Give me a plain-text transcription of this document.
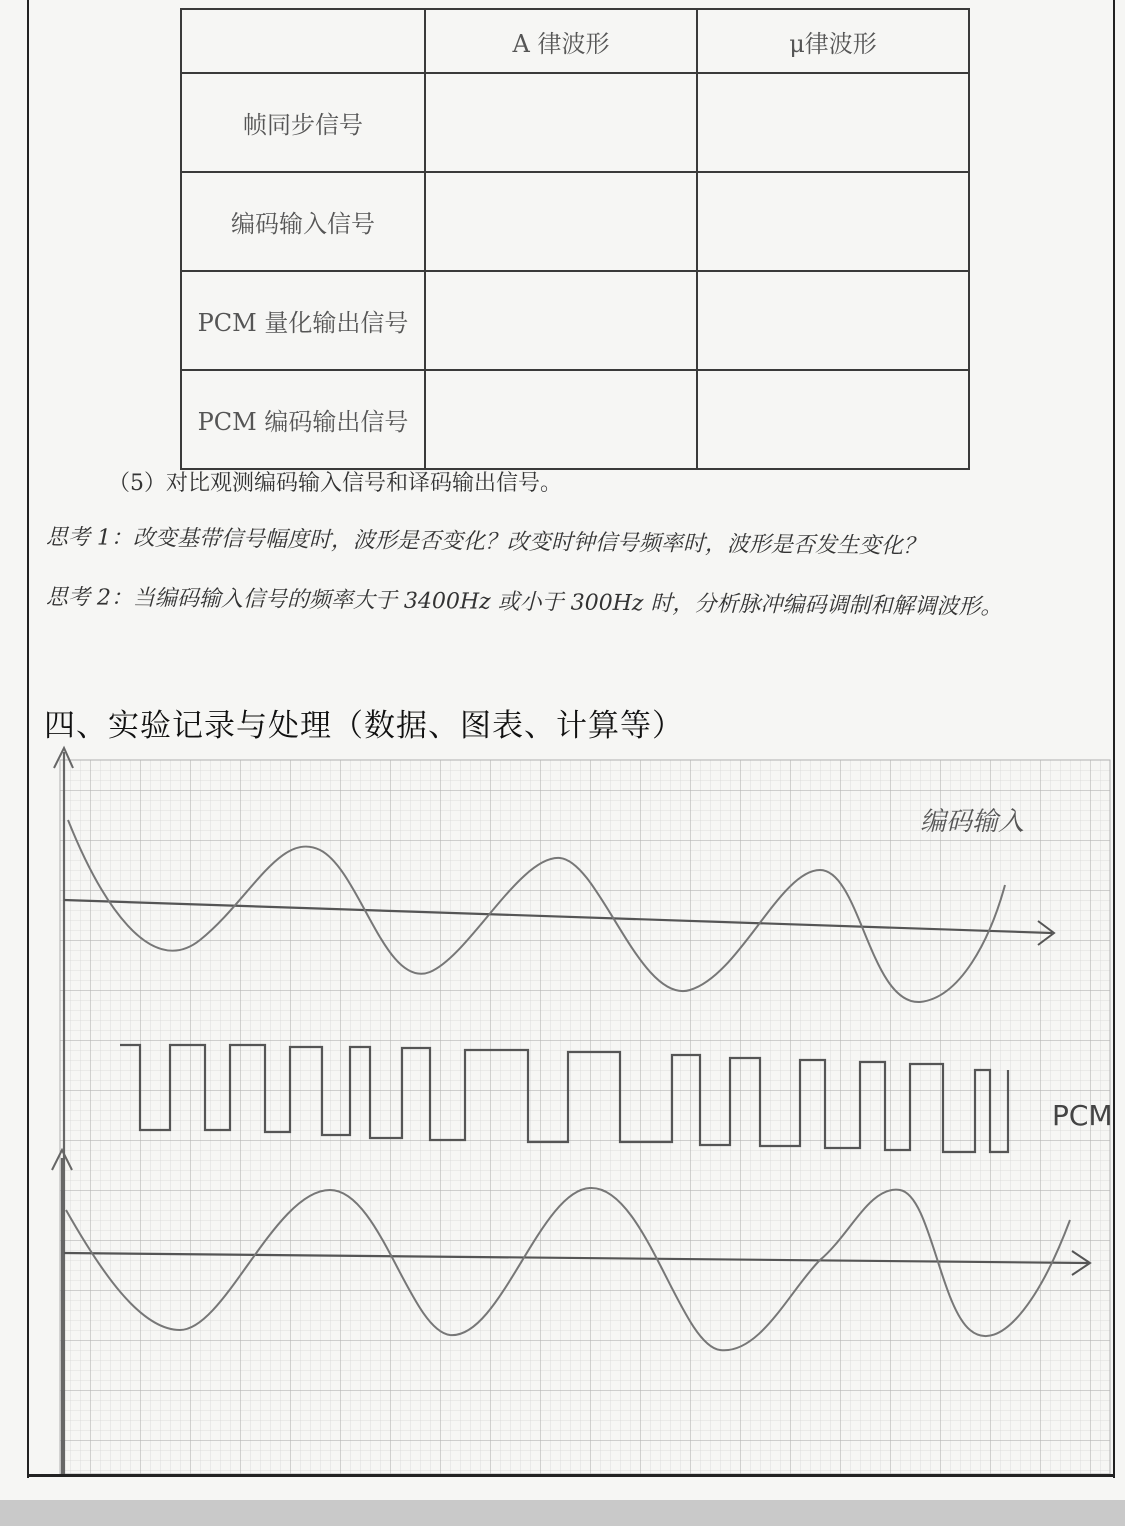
	A 律波形	μ律波形
帧同步信号		
编码输入信号		
PCM 量化输出信号		
PCM 编码输出信号		
（5）对比观测编码输入信号和译码输出信号。
思考 1：改变基带信号幅度时，波形是否变化？改变时钟信号频率时，波形是否发生变化？
思考 2：当编码输入信号的频率大于 3400Hz 或小于 300Hz 时，分析脉冲编码调制和解调波形。
四、实验记录与处理（数据、图表、计算等）
编码输入
PCM
